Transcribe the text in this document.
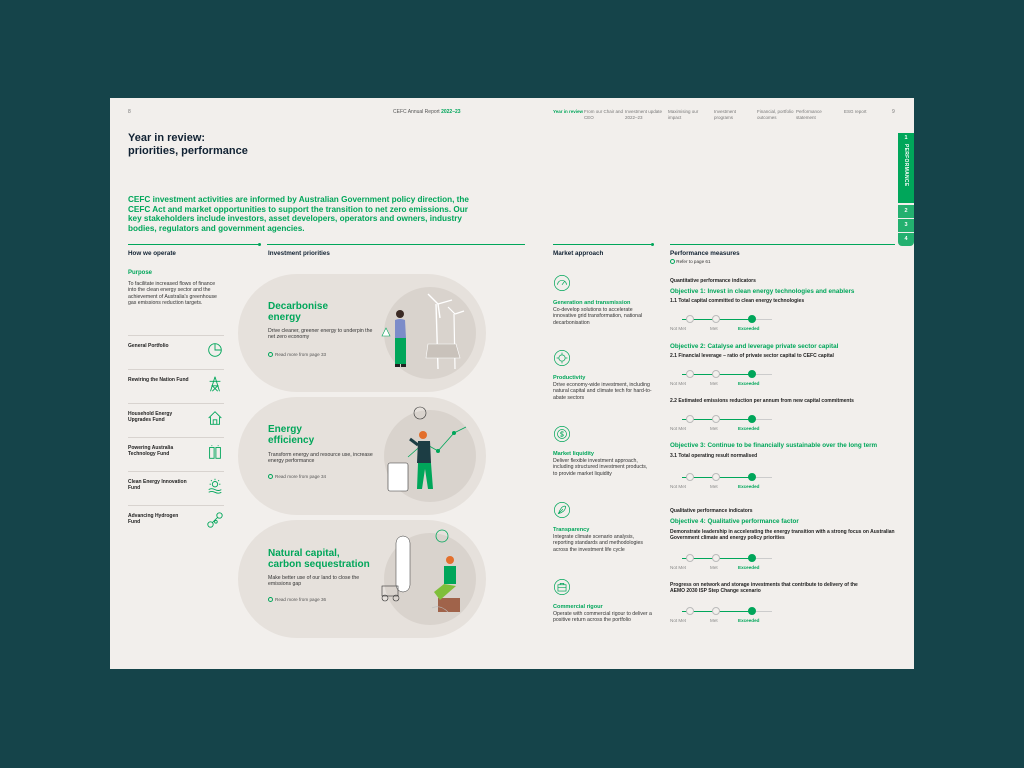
8	CEFC Annual Report 2022–23	9
Year in review From our Chair and CEO
Investment update 2022–23
Maximising our impact
Investment programs
Financial, portfolio outcomes
Performance statement
ESG report
Year in review:
priorities, performance
CEFC investment activities are informed by Australian Government policy direction, the CEFC Act and market opportunities to support the transition to net zero emissions. Our key stakeholders include investors, asset developers, operators and owners, industry bodies, regulators and government agencies.
How we operate	Investment priorities	Market approach	Performance measures
Refer to page 61
Purpose
To facilitate increased flows of finance into the clean energy sector and the achievement of Australia's greenhouse gas emissions reduction targets.
General Portfolio
Rewiring the Nation Fund
Household Energy Upgrades Fund
Powering Australia Technology Fund
Clean Energy Innovation Fund
Advancing Hydrogen Fund
Decarbonise
energy
Drive cleaner, greener energy to underpin the net zero economy
Read more from page 33
Energy
efficiency
Transform energy and resource use, increase energy performance
Read more from page 34
Natural capital,
carbon sequestration
Make better use of our land to close the emissions gap
Read more from page 36
Generation and transmission
Co-develop solutions to accelerate innovative grid transformation, national decarbonisation
Productivity
Drive economy-wide investment, including natural capital and climate tech for hard-to-abate sectors
Market liquidity
Deliver flexible investment approach, including structured investment products, to provide market liquidity
Transparency
Integrate climate scenario analysis, reporting standards and methodologies across the investment life cycle
Commercial rigour
Operate with commercial rigour to deliver a positive return across the portfolio
Quantitative performance indicators
Objective 1: Invest in clean energy technologies and enablers
1.1 Total capital committed to clean energy technologies
Not Met	Met	Exceeded
Objective 2: Catalyse and leverage private sector capital
2.1 Financial leverage – ratio of private sector capital to CEFC capital
Not Met	Met	Exceeded
2.2 Estimated emissions reduction per annum from new capital commitments
Not Met	Met	Exceeded
Objective 3: Continue to be financially sustainable over the long term
3.1 Total operating result normalised
Not Met	Met	Exceeded
Qualitative performance indicators
Objective 4: Qualitative performance factor
Demonstrate leadership in accelerating the energy transition with a strong focus on Australian Government climate and energy policy priorities
Not Met	Met	Exceeded
Progress on network and storage investments that contribute to delivery of the AEMO 2030 ISP Step Change scenario
Not Met	Met	Exceeded
1
PERFORMANCE
2
3
4
